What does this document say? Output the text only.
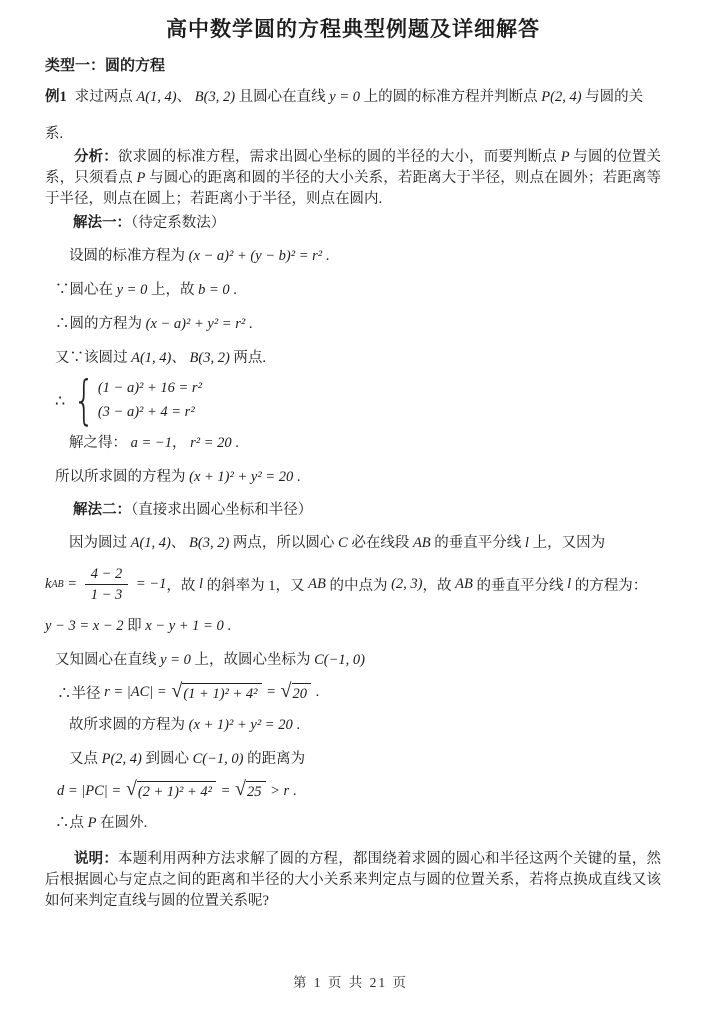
高中数学圆的方程典型例题及详细解答
类型一：圆的方程

例1 求过两点 A(1, 4)、 B(3, 2) 且圆心在直线 y = 0 上的圆的标准方程并判断点 P(2, 4) 与圆的关

系.

分析：欲求圆的标准方程，需求出圆心坐标的圆的半径的大小，而要判断点 P 与圆的位置关系，只须看点 P 与圆心的距离和圆的半径的大小关系，若距离大于半径，则点在圆外；若距离等于半径，则点在圆上；若距离小于半径，则点在圆内.

解法一：（待定系数法）

设圆的标准方程为 (x − a)² + (y − b)² = r² .

∵圆心在 y = 0 上，故 b = 0 .

∴圆的方程为 (x − a)² + y² = r² .

又∵该圆过 A(1, 4)、 B(3, 2) 两点.

∴ { (1 − a)² + 16 = r²
(3 − a)² + 4 = r²

解之得： a = −1， r² = 20 .

所以所求圆的方程为 (x + 1)² + y² = 20 .

解法二：（直接求出圆心坐标和半径）

因为圆过 A(1, 4)、 B(3, 2) 两点，所以圆心 C 必在线段 AB 的垂直平分线 l 上，又因为

k AB = $\frac{4 - 2}{1 - 3} = -1$ ，故 l 的斜率为 1，又 AB 的中点为 (2, 3) ，故 AB 的垂直平分线 l 的方程为：

y − 3 = x − 2 即 x − y + 1 = 0 .

又知圆心在直线 y = 0 上，故圆心坐标为 C(−1, 0)

∴半径 r = |AC| = √ (1 + 1)² + 4² = √ 20 .

故所求圆的方程为 (x + 1)² + y² = 20 .

又点 P(2, 4) 到圆心 C(−1, 0) 的距离为

d = |PC| = √ (2 + 1)² + 4² = √ 25 > r .

∴点 P 在圆外.

说明：本题利用两种方法求解了圆的方程，都围绕着求圆的圆心和半径这两个关键的量，然后根据圆心与定点之间的距离和半径的大小关系来判定点与圆的位置关系，若将点换成直线又该如何来判定直线与圆的位置关系呢?

第 1 页 共 21 页
